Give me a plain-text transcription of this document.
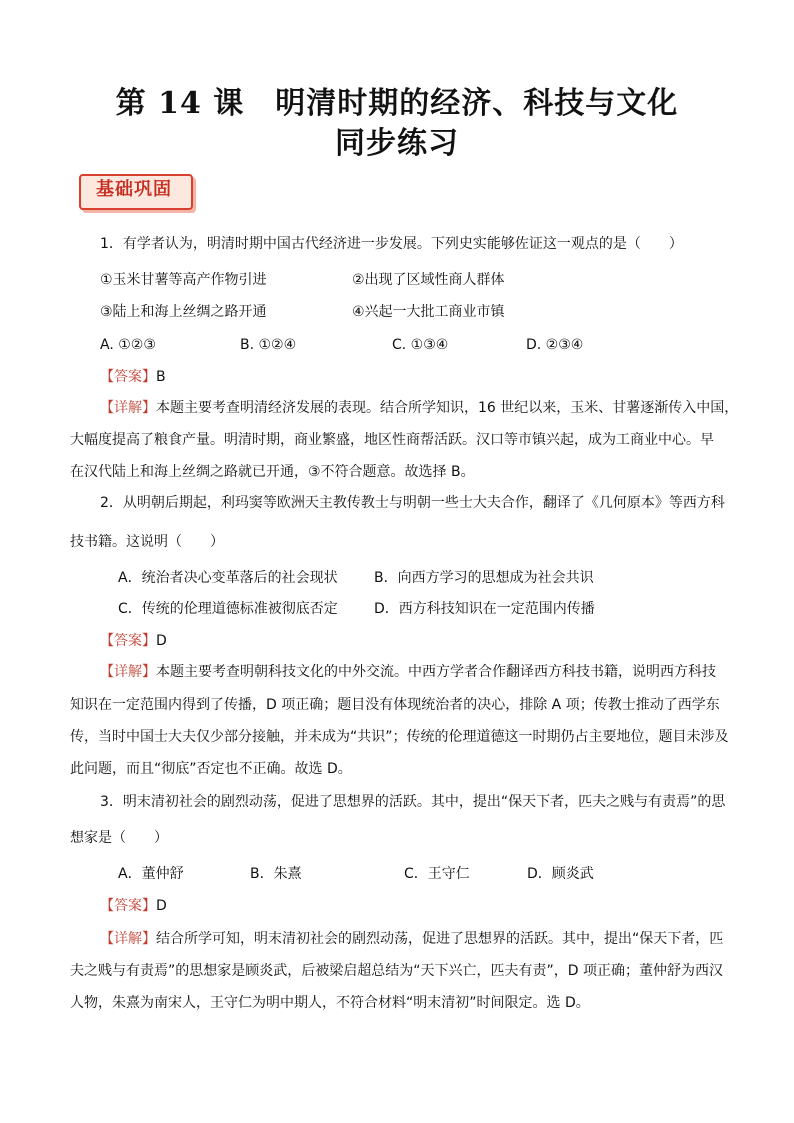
第 14 课　明清时期的经济、科技与文化
同步练习
基础巩固
1．有学者认为，明清时期中国古代经济进一步发展。下列史实能够佐证这一观点的是（　　）
①玉米甘薯等高产作物引进	②出现了区域性商人群体
③陆上和海上丝绸之路开通	④兴起一大批工商业市镇
A. ①②③	B. ①②④	C. ①③④	D. ②③④
【答案】B
【详解】本题主要考查明清经济发展的表现。结合所学知识，16 世纪以来，玉米、甘薯逐渐传入中国，
大幅度提高了粮食产量。明清时期，商业繁盛，地区性商帮活跃。汉口等市镇兴起，成为工商业中心。早
在汉代陆上和海上丝绸之路就已开通，③不符合题意。故选择 B。
2．从明朝后期起，利玛窦等欧洲天主教传教士与明朝一些士大夫合作，翻译了《几何原本》等西方科
技书籍。这说明（　　）
A．统治者决心变革落后的社会现状	B．向西方学习的思想成为社会共识
C．传统的伦理道德标准被彻底否定	D．西方科技知识在一定范围内传播
【答案】D
【详解】本题主要考查明朝科技文化的中外交流。中西方学者合作翻译西方科技书籍，说明西方科技
知识在一定范围内得到了传播，D 项正确；题目没有体现统治者的决心，排除 A 项；传教士推动了西学东
传，当时中国士大夫仅少部分接触，并未成为“共识”；传统的伦理道德这一时期仍占主要地位，题目未涉及
此问题，而且“彻底”否定也不正确。故选 D。
3．明末清初社会的剧烈动荡，促进了思想界的活跃。其中，提出“保天下者，匹夫之贱与有责焉”的思
想家是（　　）
A．董仲舒	B．朱熹	C．王守仁	D．顾炎武
【答案】D
【详解】结合所学可知，明末清初社会的剧烈动荡，促进了思想界的活跃。其中，提出“保天下者，匹
夫之贱与有责焉”的思想家是顾炎武，后被梁启超总结为“天下兴亡，匹夫有责”，D 项正确；董仲舒为西汉
人物，朱熹为南宋人，王守仁为明中期人，不符合材料“明末清初”时间限定。选 D。
